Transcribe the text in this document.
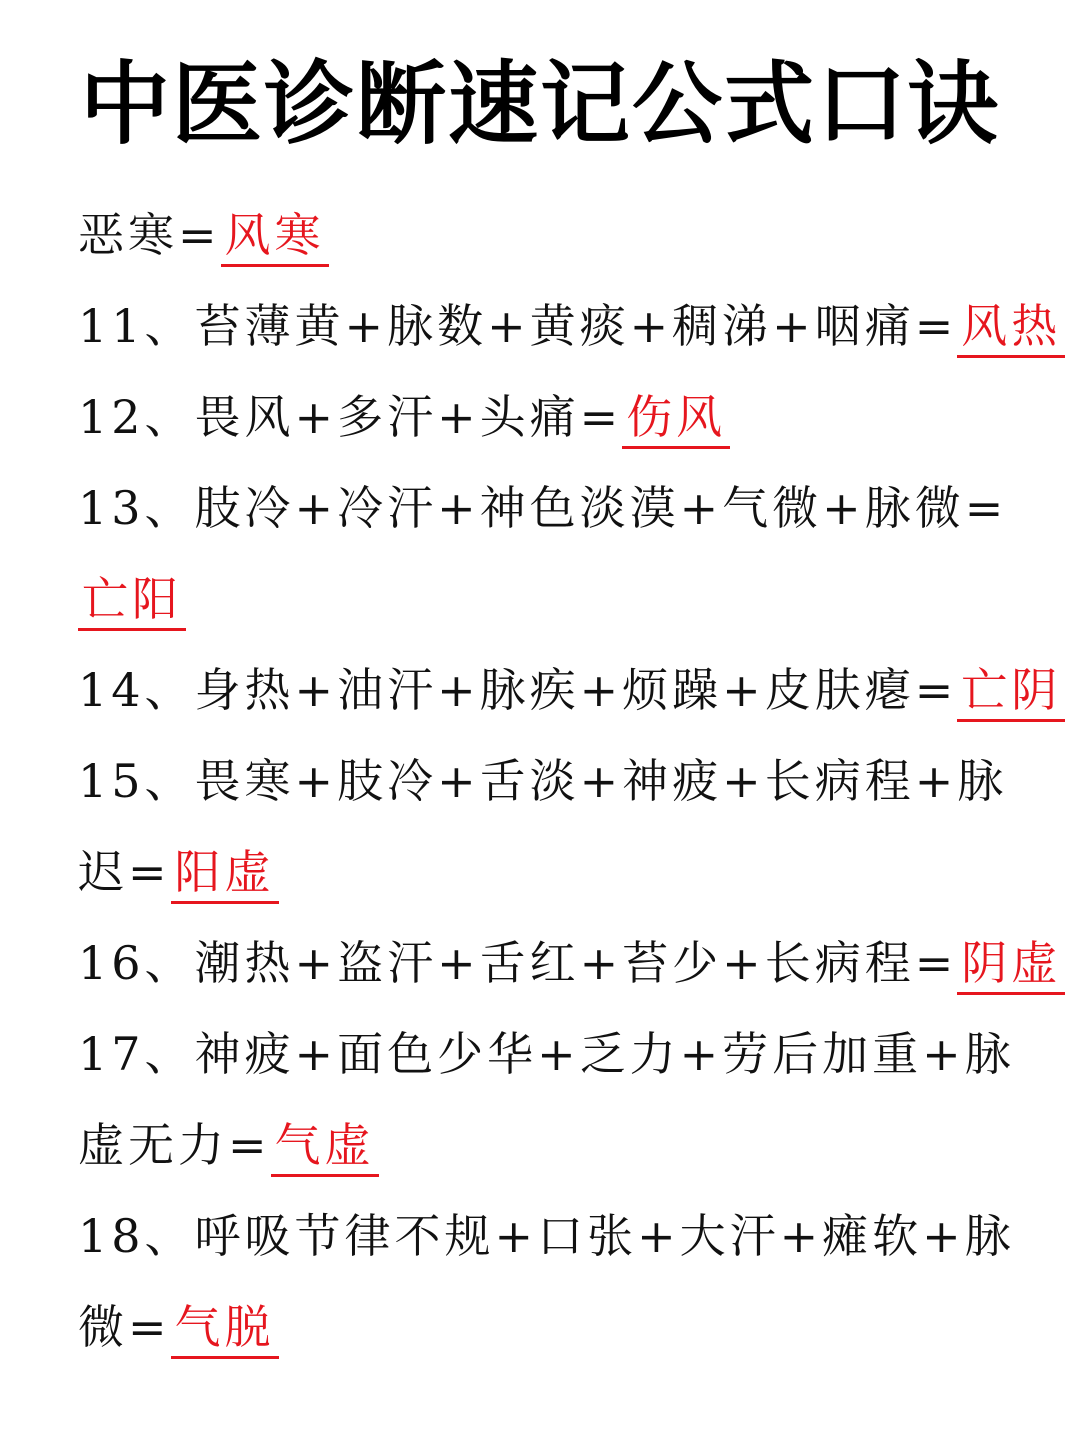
中医诊断速记公式口诀
恶寒=风寒
11、苔薄黄+脉数+黄痰+稠涕+咽痛=风热
12、畏风+多汗+头痛=伤风
13、肢冷+冷汗+神色淡漠+气微+脉微=
亡阳
14、身热+油汗+脉疾+烦躁+皮肤瘪=亡阴
15、畏寒+肢冷+舌淡+神疲+长病程+脉
迟=阳虚
16、潮热+盗汗+舌红+苔少+长病程=阴虚
17、神疲+面色少华+乏力+劳后加重+脉
虚无力=气虚
18、呼吸节律不规+口张+大汗+瘫软+脉
微=气脱
